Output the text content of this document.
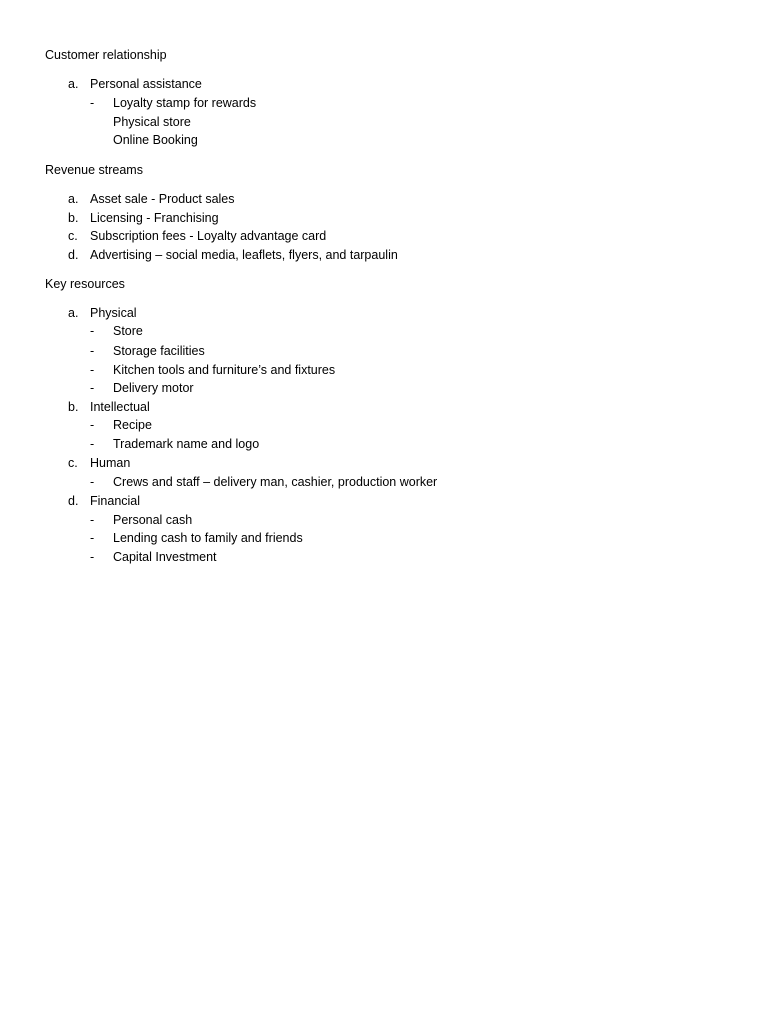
Customer relationship
a. Personal assistance
- Loyalty stamp for rewards
Physical store
Online Booking
Revenue streams
a. Asset sale - Product sales
b. Licensing - Franchising
c. Subscription fees - Loyalty advantage card
d. Advertising – social media, leaflets, flyers, and tarpaulin
Key resources
a. Physical
- Store
- Storage facilities
- Kitchen tools and furniture’s and fixtures
- Delivery motor
b. Intellectual
- Recipe
- Trademark name and logo
c. Human
- Crews and staff – delivery man, cashier, production worker
d. Financial
- Personal cash
- Lending cash to family and friends
- Capital Investment
